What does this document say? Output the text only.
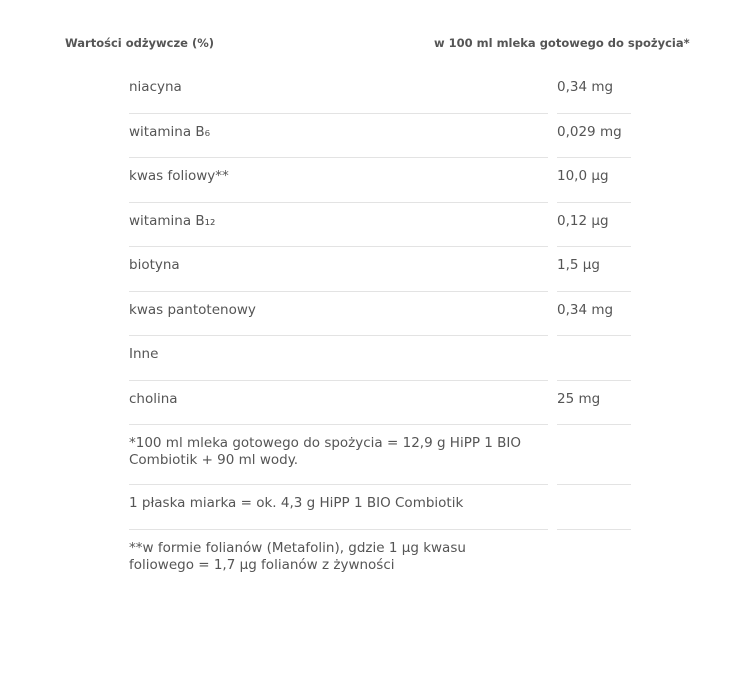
Wartości odżywcze (%)	w 100 ml mleka gotowego do spożycia*
niacyna	0,34 mg
witamina B₆	0,029 mg
kwas foliowy**	10,0 µg
witamina B₁₂	0,12 µg
biotyna	1,5 µg
kwas pantotenowy	0,34 mg
Inne
cholina	25 mg
*100 ml mleka gotowego do spożycia = 12,9 g HiPP 1 BIO Combiotik + 90 ml wody.
1 płaska miarka = ok. 4,3 g HiPP 1 BIO Combiotik
**w formie folianów (Metafolin), gdzie 1 µg kwasu foliowego = 1,7 µg folianów z żywności
